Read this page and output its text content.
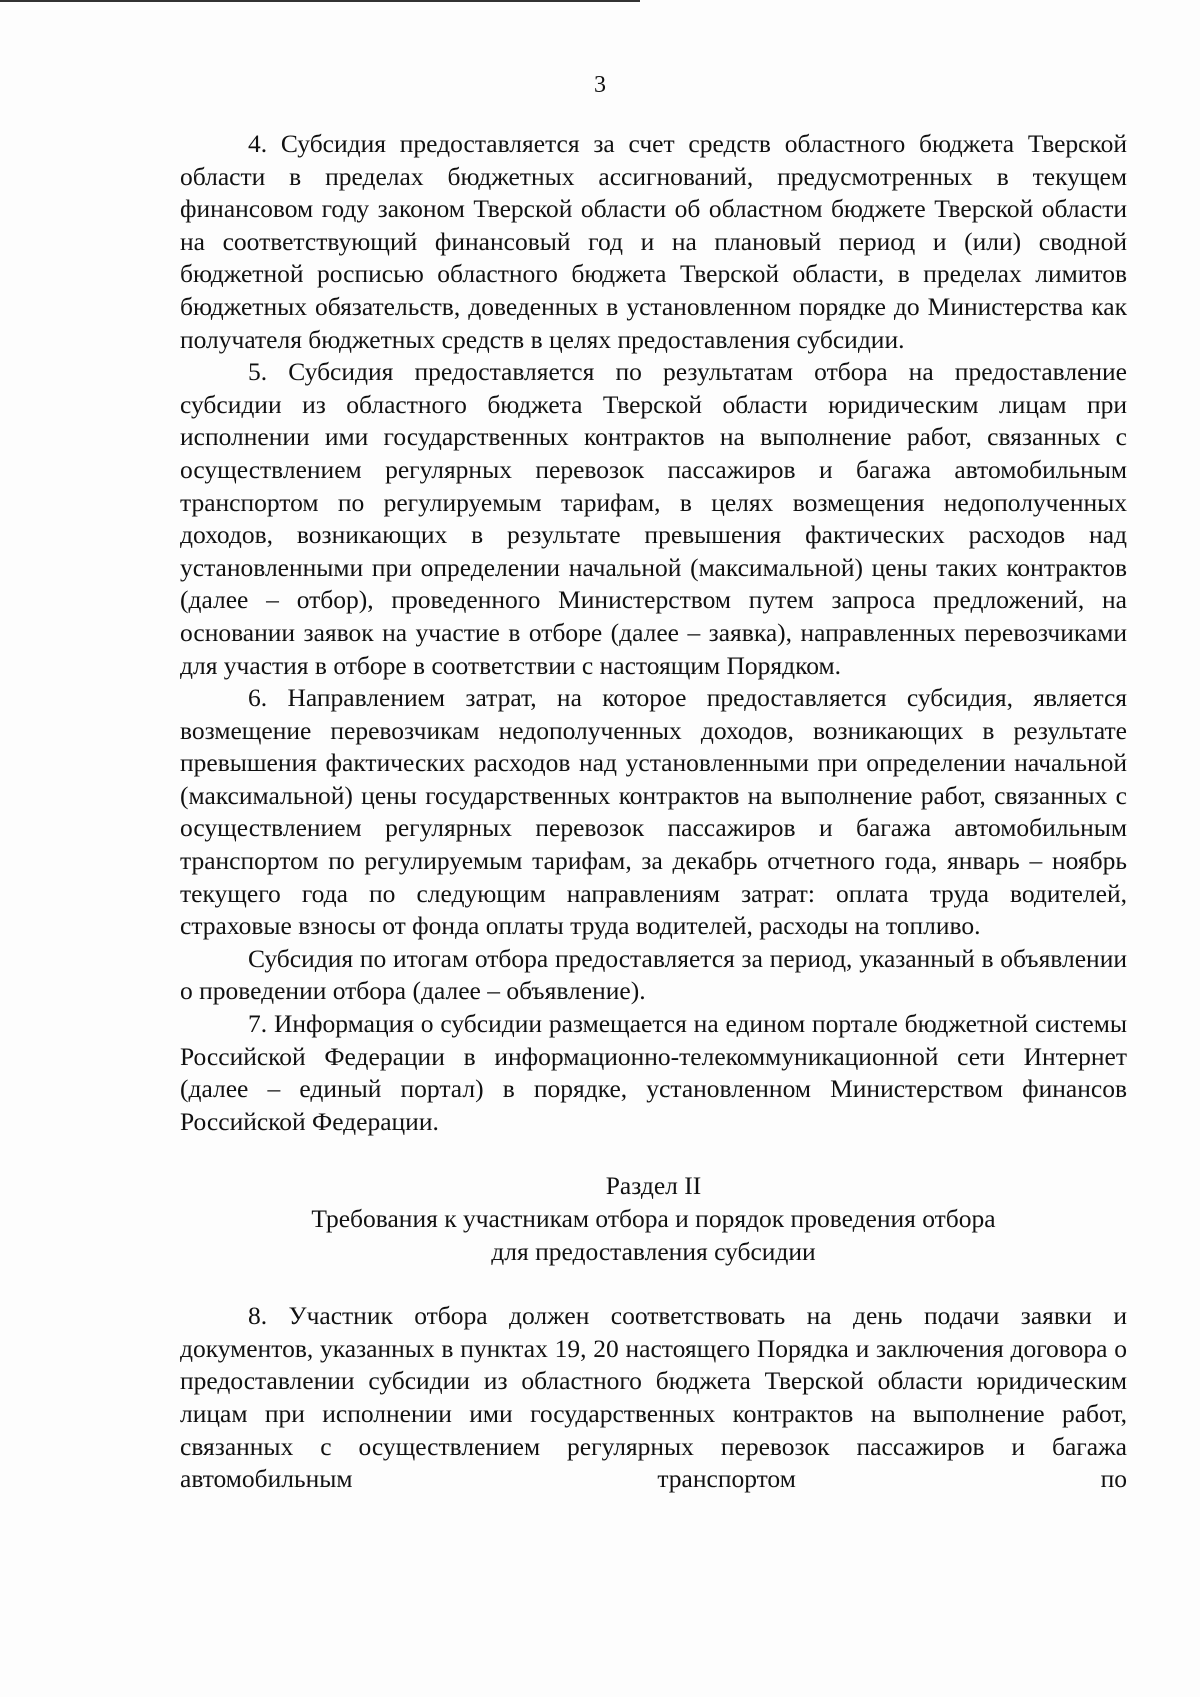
3

4. Субсидия предоставляется за счет средств областного бюджета Тверской области в пределах бюджетных ассигнований, предусмотренных в текущем финансовом году законом Тверской области об областном бюджете Тверской области на соответствующий финансовый год и на плановый период и (или) сводной бюджетной росписью областного бюджета Тверской области, в пределах лимитов бюджетных обязательств, доведенных в установленном порядке до Министерства как получателя бюджетных средств в целях предоставления субсидии.

5. Субсидия предоставляется по результатам отбора на предоставление субсидии из областного бюджета Тверской области юридическим лицам при исполнении ими государственных контрактов на выполнение работ, связанных с осуществлением регулярных перевозок пассажиров и багажа автомобильным транспортом по регулируемым тарифам, в целях возмещения недополученных доходов, возникающих в результате превышения фактических расходов над установленными при определении начальной (максимальной) цены таких контрактов (далее – отбор), проведенного Министерством путем запроса предложений, на основании заявок на участие в отборе (далее – заявка), направленных перевозчиками для участия в отборе в соответствии с настоящим Порядком.

6. Направлением затрат, на которое предоставляется субсидия, является возмещение перевозчикам недополученных доходов, возникающих в результате превышения фактических расходов над установленными при определении начальной (максимальной) цены государственных контрактов на выполнение работ, связанных с осуществлением регулярных перевозок пассажиров и багажа автомобильным транспортом по регулируемым тарифам, за декабрь отчетного года, январь – ноябрь текущего года по следующим направлениям затрат: оплата труда водителей, страховые взносы от фонда оплаты труда водителей, расходы на топливо.

Субсидия по итогам отбора предоставляется за период, указанный в объявлении о проведении отбора (далее – объявление).

7. Информация о субсидии размещается на едином портале бюджетной системы Российской Федерации в информационно-телекоммуникационной сети Интернет (далее – единый портал) в порядке, установленном Министерством финансов Российской Федерации.

Раздел II

Требования к участникам отбора и порядок проведения отбора

для предоставления субсидии

8. Участник отбора должен соответствовать на день подачи заявки и документов, указанных в пунктах 19, 20 настоящего Порядка и заключения договора о предоставлении субсидии из областного бюджета Тверской области юридическим лицам при исполнении ими государственных контрактов на выполнение работ, связанных с осуществлением регулярных перевозок пассажиров и багажа автомобильным транспортом по
